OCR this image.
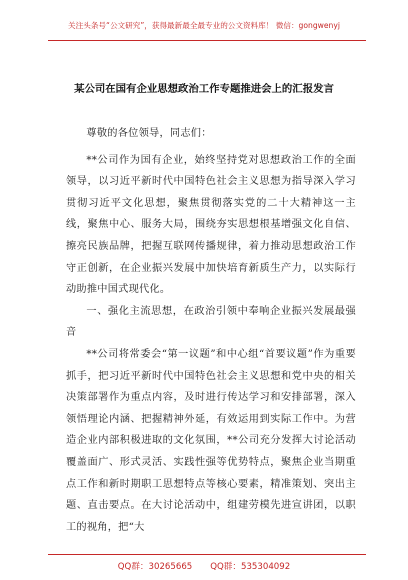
关注头条号“公文研究”，获得最新最全最专业的公文资料库！ 微信：gongwenyj
某公司在国有企业思想政治工作专题推进会上的汇报发言

尊敬的各位领导，同志们：

**公司作为国有企业，始终坚持党对思想政治工作的全面领导，以习近平新时代中国特色社会主义思想为指导深入学习贯彻习近平文化思想，聚焦贯彻落实党的二十大精神这一主线，聚焦中心、服务大局，围绕夯实思想根基增强文化自信、擦亮民族品牌，把握互联网传播规律，着力推动思想政治工作守正创新，在企业振兴发展中加快培育新质生产力，以实际行动助推中国式现代化。

一、强化主流思想，在政治引领中奉响企业振兴发展最强音

**公司将常委会“第一议题”和中心组“首要议题”作为重要抓手，把习近平新时代中国特色社会主义思想和党中央的相关决策部署作为重点内容，及时进行传达学习和安排部署，深入领悟理论内涵、把握精神外延，有效运用到实际工作中。为营造企业内部积极进取的文化氛围，**公司充分发挥大讨论活动覆盖面广、形式灵活、实践性强等优势特点，聚焦企业当期重点工作和新时期职工思想特点等核心要素，精准策划、突出主题、直击要点。在大讨论活动中，组建劳模先进宣讲团，以职工的视角，把“大

QQ群：30265665 QQ群：535304092
